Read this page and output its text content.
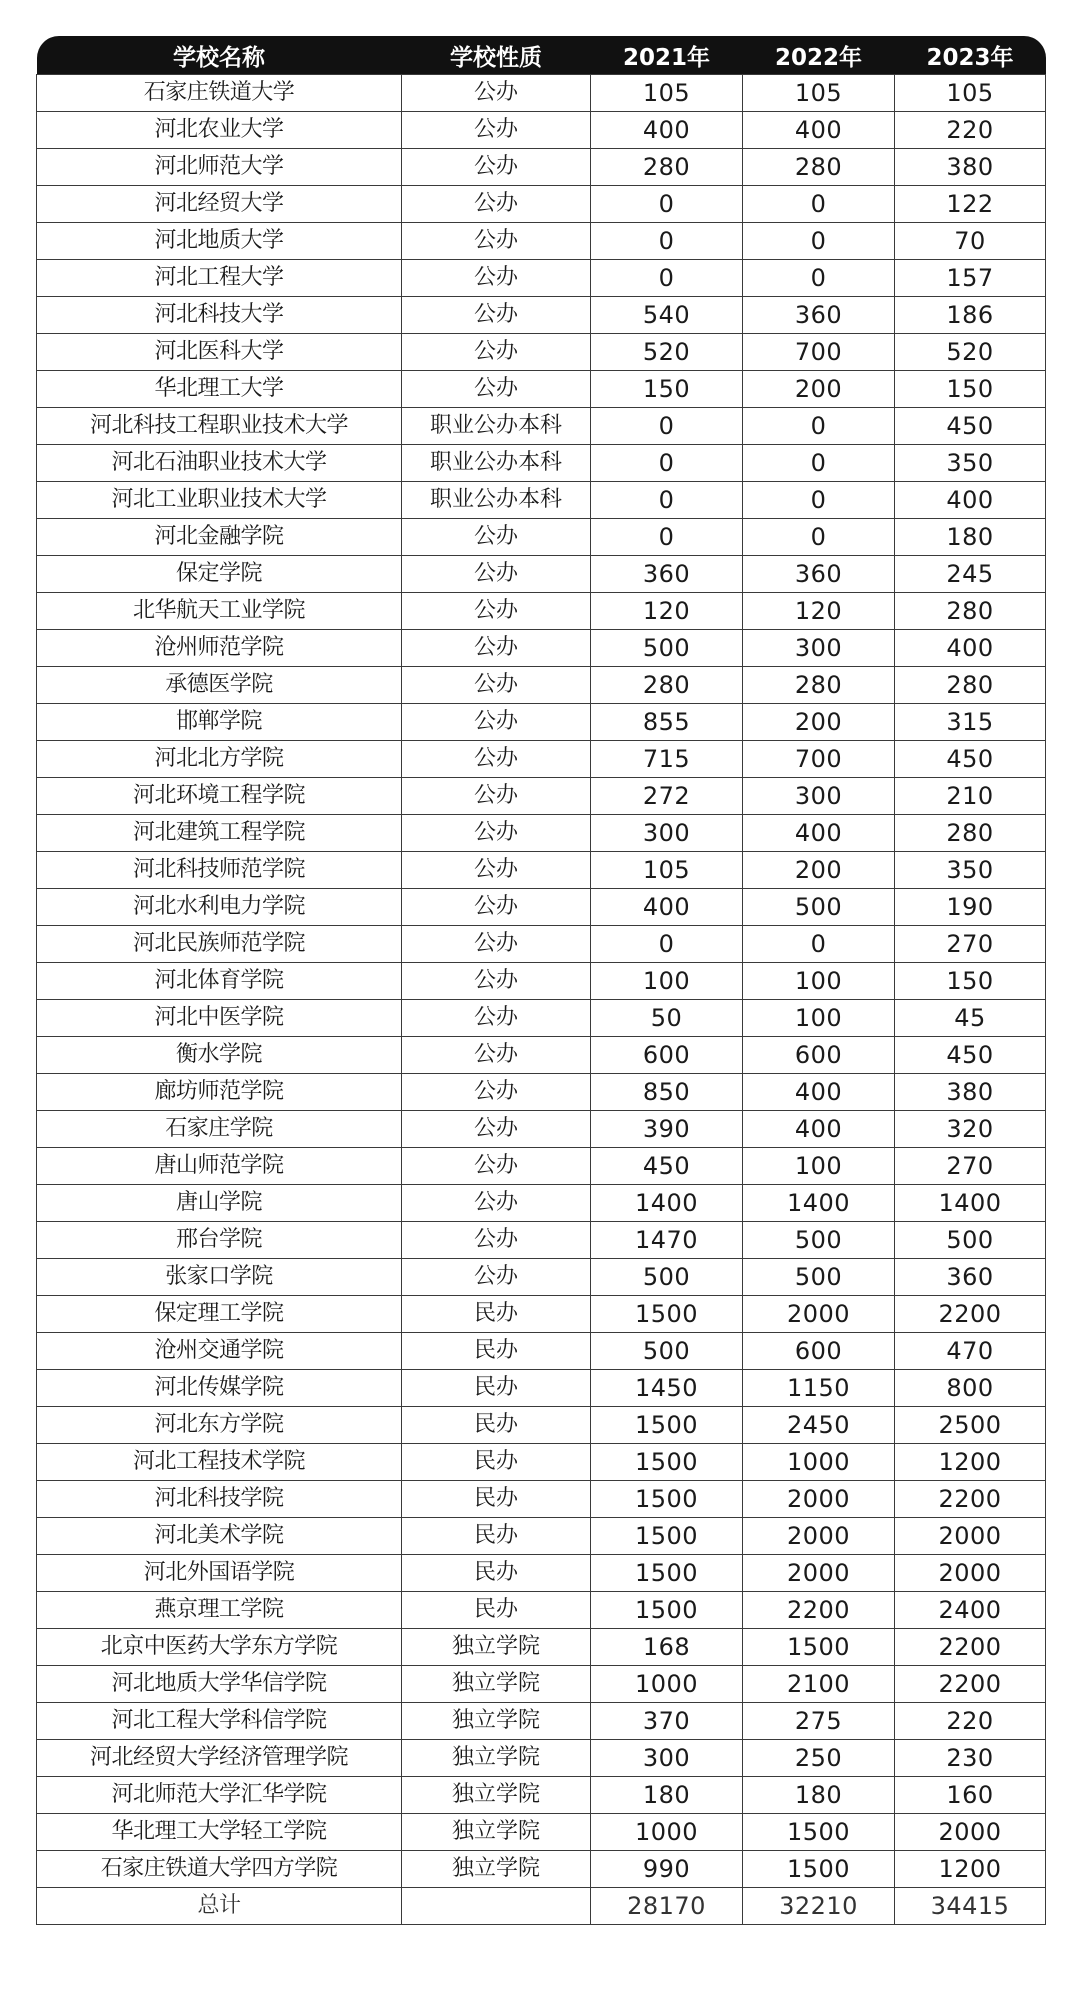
学校名称	学校性质	2021年	2022年	2023年
石家庄铁道大学	公办	105	105	105
河北农业大学	公办	400	400	220
河北师范大学	公办	280	280	380
河北经贸大学	公办	0	0	122
河北地质大学	公办	0	0	70
河北工程大学	公办	0	0	157
河北科技大学	公办	540	360	186
河北医科大学	公办	520	700	520
华北理工大学	公办	150	200	150
河北科技工程职业技术大学	职业公办本科	0	0	450
河北石油职业技术大学	职业公办本科	0	0	350
河北工业职业技术大学	职业公办本科	0	0	400
河北金融学院	公办	0	0	180
保定学院	公办	360	360	245
北华航天工业学院	公办	120	120	280
沧州师范学院	公办	500	300	400
承德医学院	公办	280	280	280
邯郸学院	公办	855	200	315
河北北方学院	公办	715	700	450
河北环境工程学院	公办	272	300	210
河北建筑工程学院	公办	300	400	280
河北科技师范学院	公办	105	200	350
河北水利电力学院	公办	400	500	190
河北民族师范学院	公办	0	0	270
河北体育学院	公办	100	100	150
河北中医学院	公办	50	100	45
衡水学院	公办	600	600	450
廊坊师范学院	公办	850	400	380
石家庄学院	公办	390	400	320
唐山师范学院	公办	450	100	270
唐山学院	公办	1400	1400	1400
邢台学院	公办	1470	500	500
张家口学院	公办	500	500	360
保定理工学院	民办	1500	2000	2200
沧州交通学院	民办	500	600	470
河北传媒学院	民办	1450	1150	800
河北东方学院	民办	1500	2450	2500
河北工程技术学院	民办	1500	1000	1200
河北科技学院	民办	1500	2000	2200
河北美术学院	民办	1500	2000	2000
河北外国语学院	民办	1500	2000	2000
燕京理工学院	民办	1500	2200	2400
北京中医药大学东方学院	独立学院	168	1500	2200
河北地质大学华信学院	独立学院	1000	2100	2200
河北工程大学科信学院	独立学院	370	275	220
河北经贸大学经济管理学院	独立学院	300	250	230
河北师范大学汇华学院	独立学院	180	180	160
华北理工大学轻工学院	独立学院	1000	1500	2000
石家庄铁道大学四方学院	独立学院	990	1500	1200
总计		28170	32210	34415
